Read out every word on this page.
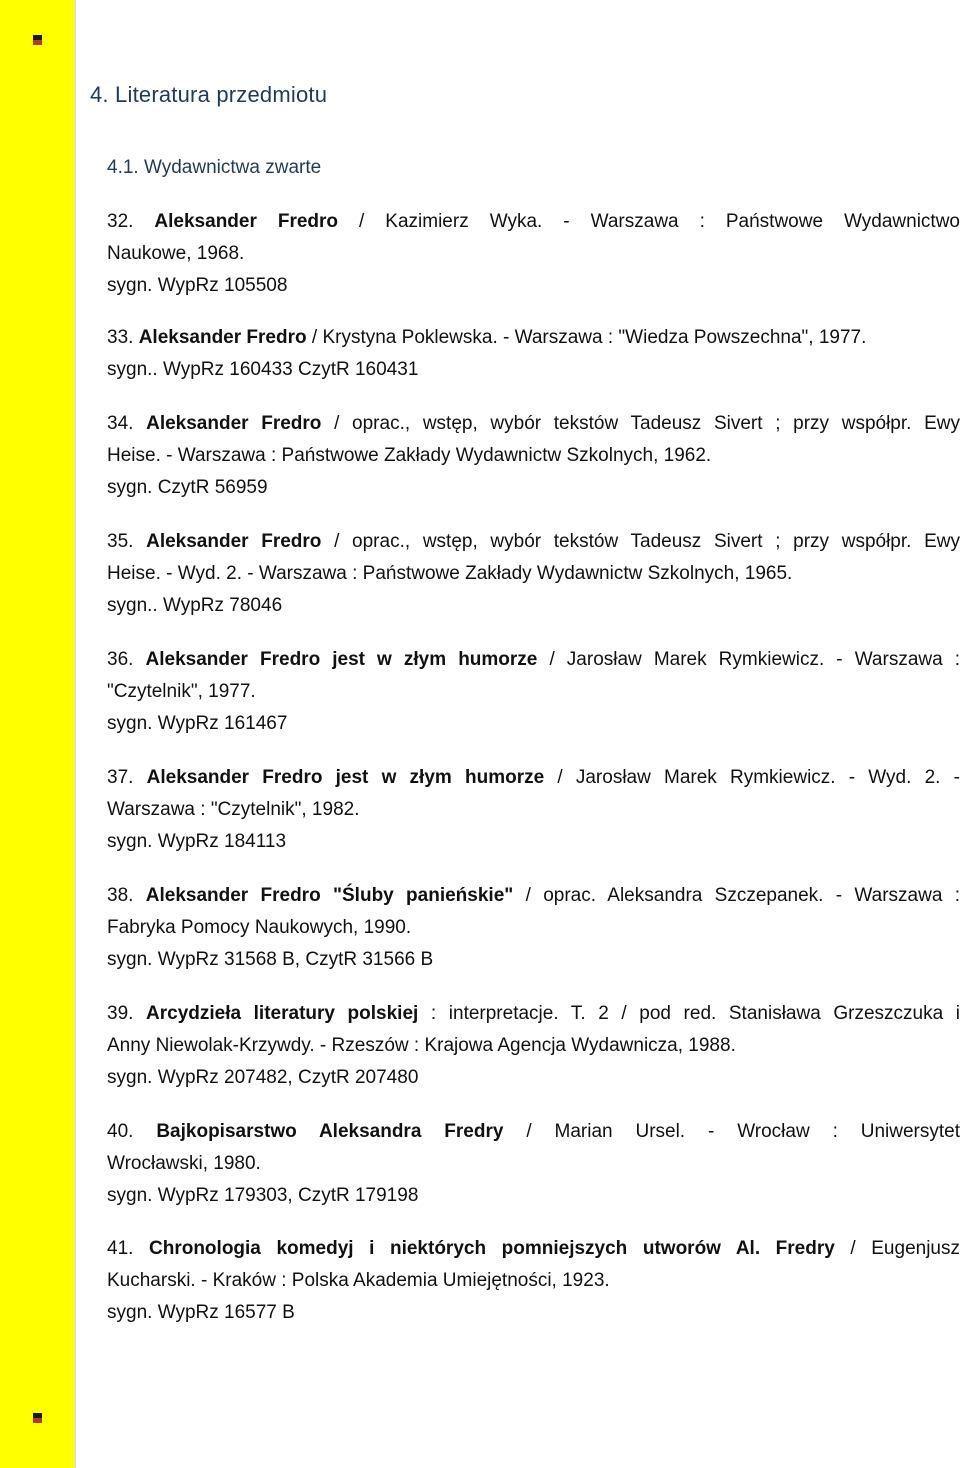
4. Literatura przedmiotu
4.1. Wydawnictwa zwarte
32. Aleksander Fredro / Kazimierz Wyka. - Warszawa : Państwowe Wydawnictwo
Naukowe, 1968.
sygn. WypRz 105508
33. Aleksander Fredro / Krystyna Poklewska. - Warszawa : "Wiedza Powszechna", 1977.
sygn.. WypRz 160433 CzytR 160431
34. Aleksander Fredro / oprac., wstęp, wybór tekstów Tadeusz Sivert ; przy współpr. Ewy
Heise. - Warszawa : Państwowe Zakłady Wydawnictw Szkolnych, 1962.
sygn. CzytR 56959
35. Aleksander Fredro / oprac., wstęp, wybór tekstów Tadeusz Sivert ; przy współpr. Ewy
Heise. - Wyd. 2. - Warszawa : Państwowe Zakłady Wydawnictw Szkolnych, 1965.
sygn.. WypRz 78046
36. Aleksander Fredro jest w złym humorze / Jarosław Marek Rymkiewicz. - Warszawa :
"Czytelnik", 1977.
sygn. WypRz 161467
37. Aleksander Fredro jest w złym humorze / Jarosław Marek Rymkiewicz. - Wyd. 2. -
Warszawa : "Czytelnik", 1982.
sygn. WypRz 184113
38. Aleksander Fredro "Śluby panieńskie" / oprac. Aleksandra Szczepanek. - Warszawa :
Fabryka Pomocy Naukowych, 1990.
sygn. WypRz 31568 B, CzytR 31566 B
39. Arcydzieła literatury polskiej : interpretacje. T. 2 / pod red. Stanisława Grzeszczuka i
Anny Niewolak-Krzywdy. - Rzeszów : Krajowa Agencja Wydawnicza, 1988.
sygn. WypRz 207482, CzytR 207480
40. Bajkopisarstwo Aleksandra Fredry / Marian Ursel. - Wrocław : Uniwersytet
Wrocławski, 1980.
sygn. WypRz 179303, CzytR 179198
41. Chronologia komedyj i niektórych pomniejszych utworów Al. Fredry / Eugenjusz
Kucharski. - Kraków : Polska Akademia Umiejętności, 1923.
sygn. WypRz 16577 B
